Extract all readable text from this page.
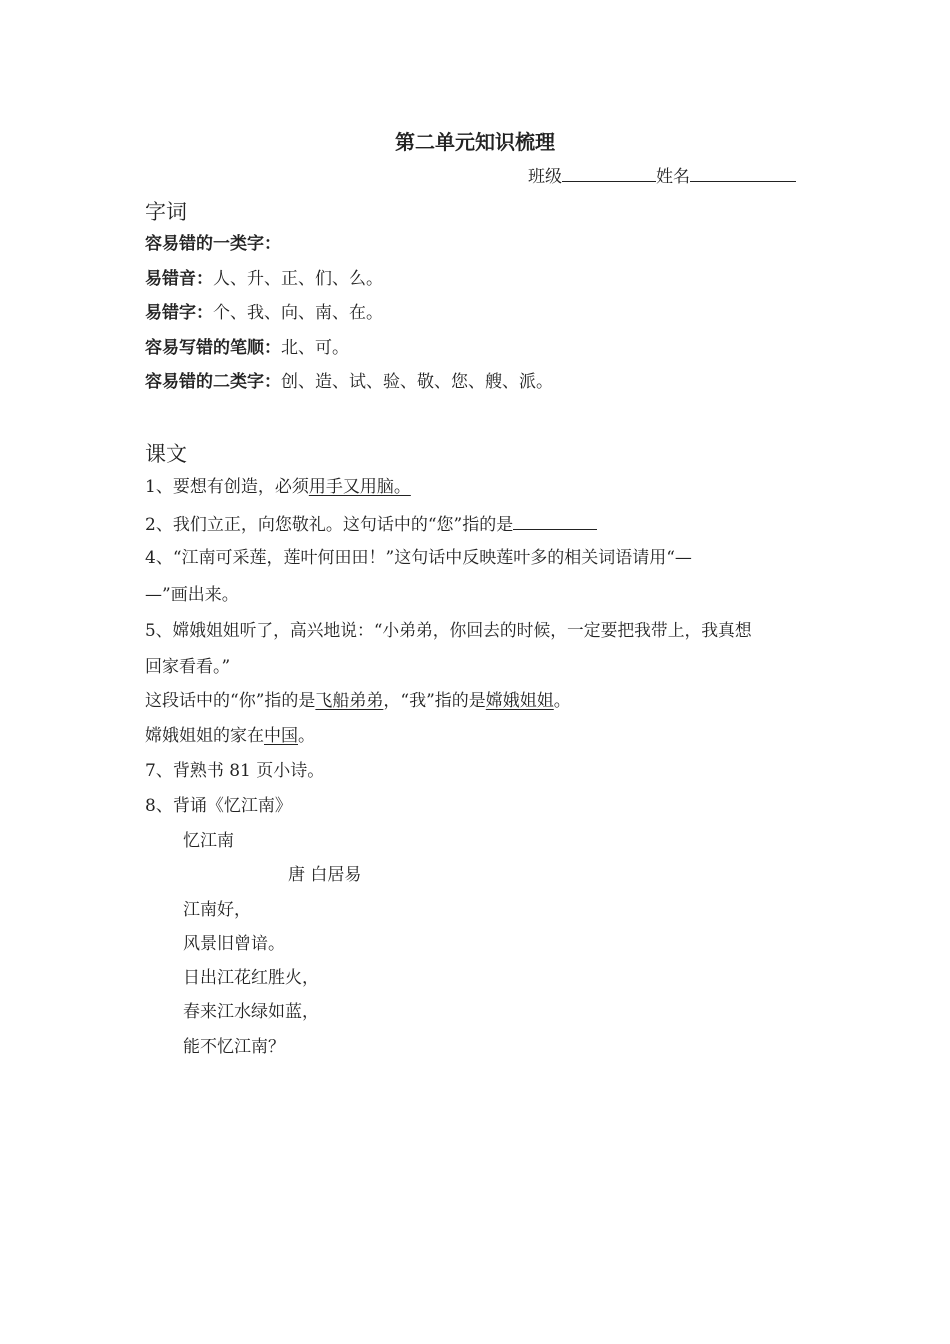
第二单元知识梳理
班级	姓名
字词
容易错的一类字：
易错音：人、升、正、们、么。
易错字：个、我、向、南、在。
容易写错的笔顺：北、可。
容易错的二类字：创、造、试、验、敬、您、艘、派。
课文
1、要想有创造，必须用手又用脑。
2、我们立正，向您敬礼。这句话中的“您”指的是
4、“江南可采莲，莲叶何田田！”这句话中反映莲叶多的相关词语请用“—
—”画出来。
5、嫦娥姐姐听了，高兴地说：“小弟弟，你回去的时候，一定要把我带上，我真想
回家看看。”
这段话中的“你”指的是飞船弟弟，“我”指的是嫦娥姐姐。
嫦娥姐姐的家在中国。
7、背熟书 81 页小诗。
8、背诵《忆江南》
忆江南
唐 白居易
江南好，
风景旧曾谙。
日出江花红胜火，
春来江水绿如蓝，
能不忆江南？
